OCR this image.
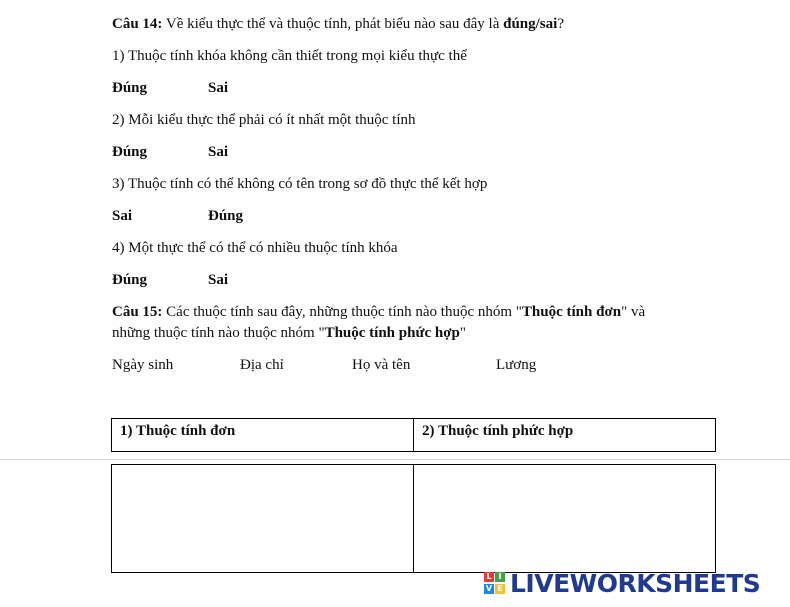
Câu 14: Về kiểu thực thể và thuộc tính, phát biểu nào sau đây là đúng/sai?
1) Thuộc tính khóa không cần thiết trong mọi kiểu thực thể
Đúng	Sai
2) Mỗi kiểu thực thể phải có ít nhất một thuộc tính
Đúng	Sai
3) Thuộc tính có thể không có tên trong sơ đồ thực thể kết hợp
Sai	Đúng
4) Một thực thể có thể có nhiều thuộc tính khóa
Đúng	Sai
Câu 15: Các thuộc tính sau đây, những thuộc tính nào thuộc nhóm "Thuộc tính đơn" và
những thuộc tính nào thuộc nhóm "Thuộc tính phức hợp"
Ngày sinh	Địa chỉ	Họ và tên	Lương
1) Thuộc tính đơn	2) Thuộc tính phức hợp
L I
V E LIVEWORKSHEETS
